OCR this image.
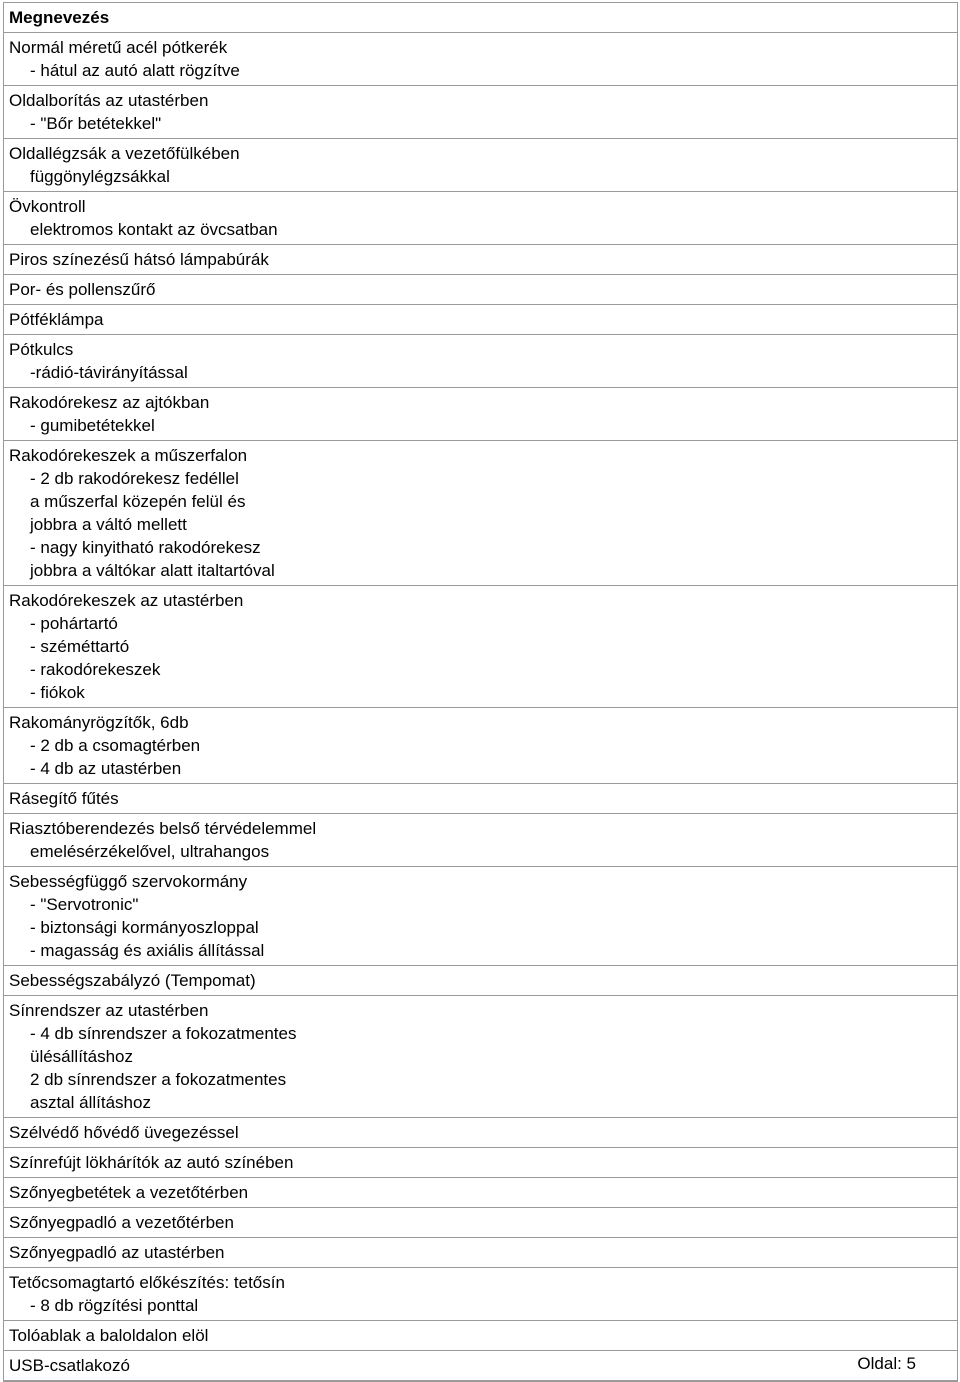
Megnevezés
Normál méretű acél pótkerék
- hátul az autó alatt rögzítve
Oldalborítás az utastérben
- "Bőr betétekkel"
Oldallégzsák a vezetőfülkében
függönylégzsákkal
Övkontroll
elektromos kontakt az övcsatban
Piros színezésű hátsó lámpabúrák
Por- és pollenszűrő
Pótféklámpa
Pótkulcs
-rádió-távirányítással
Rakodórekesz az ajtókban
- gumibetétekkel
Rakodórekeszek a műszerfalon
- 2 db rakodórekesz fedéllel
a műszerfal közepén felül és
jobbra a váltó mellett
- nagy kinyitható rakodórekesz
jobbra a váltókar alatt italtartóval
Rakodórekeszek az utastérben
- pohártartó
- széméttartó
- rakodórekeszek
- fiókok
Rakományrögzítők, 6db
- 2 db a csomagtérben
- 4 db az utastérben
Rásegítő fűtés
Riasztóberendezés belső térvédelemmel
emelésérzékelővel, ultrahangos
Sebességfüggő szervokormány
- "Servotronic"
- biztonsági kormányoszloppal
- magasság és axiális állítással
Sebességszabályzó (Tempomat)
Sínrendszer az utastérben
- 4 db sínrendszer a fokozatmentes
ülésállításhoz
2 db sínrendszer a fokozatmentes
asztal állításhoz
Szélvédő hővédő üvegezéssel
Színrefújt lökhárítók az autó színében
Szőnyegbetétek a vezetőtérben
Szőnyegpadló a vezetőtérben
Szőnyegpadló az utastérben
Tetőcsomagtartó előkészítés: tetősín
- 8 db rögzítési ponttal
Tolóablak a baloldalon elöl
USB-csatlakozó	Oldal: 5
